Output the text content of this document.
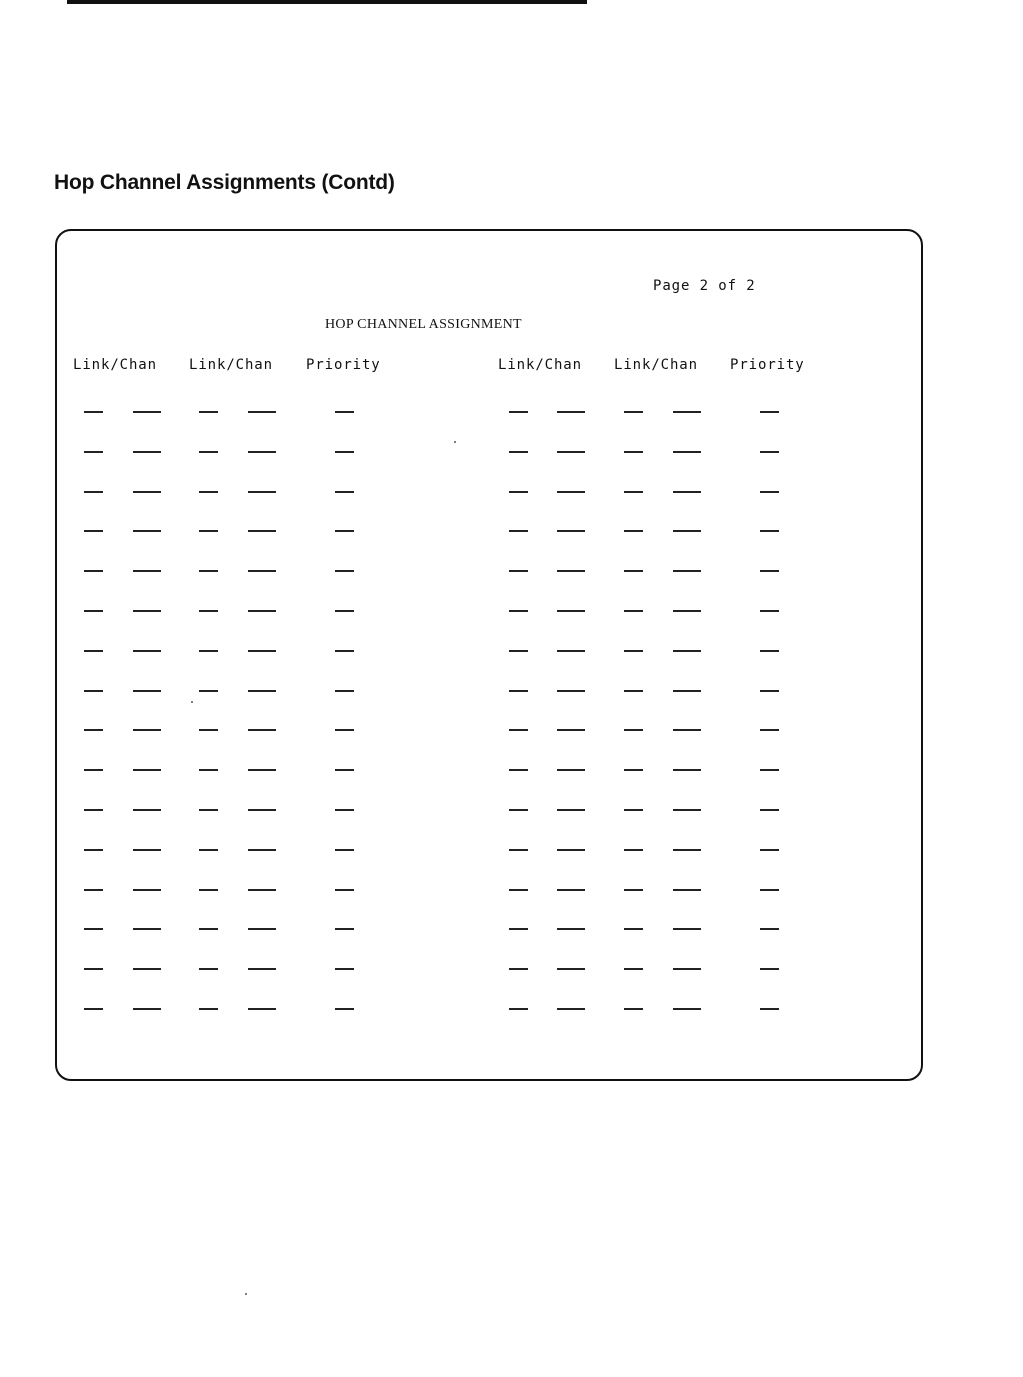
Hop Channel Assignments (Contd)
Page 2 of 2
HOP CHANNEL ASSIGNMENT
Link/Chan Link/Chan Priority	Link/Chan Link/Chan Priority
